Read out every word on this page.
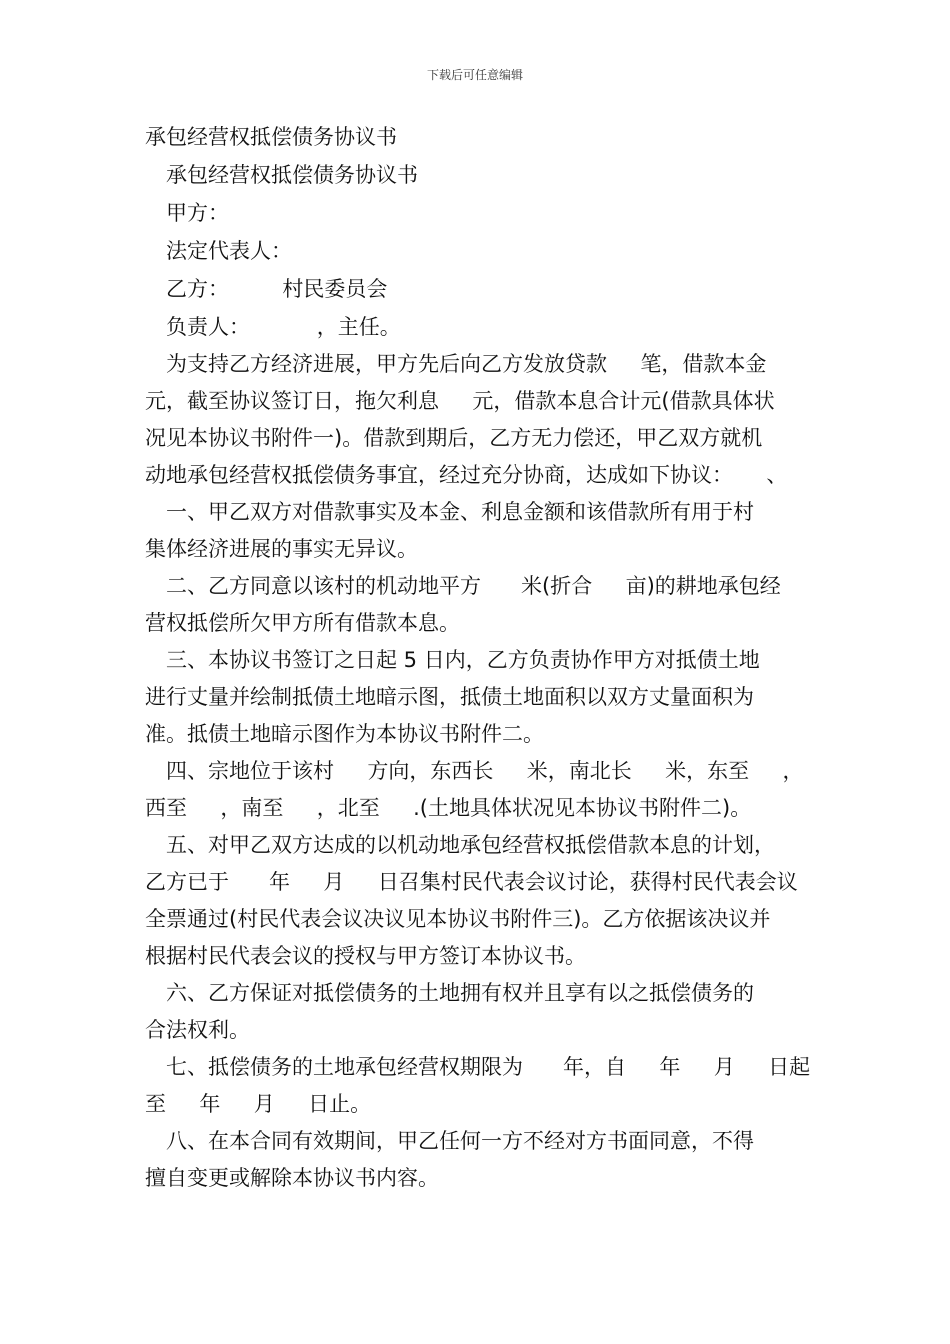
下载后可任意编辑
承包经营权抵偿债务协议书
承包经营权抵偿债务协议书
甲方：
法定代表人：
乙方：        村民委员会
负责人：          ，主任。

为支持乙方经济进展，甲方先后向乙方发放贷款     笔，借款本金

元，截至协议签订日，拖欠利息     元，借款本息合计元(借款具体状

况见本协议书附件一)。借款到期后，乙方无力偿还，甲乙双方就机

动地承包经营权抵偿债务事宜，经过充分协商，达成如下协议：     、

一、甲乙双方对借款事实及本金、利息金额和该借款所有用于村

集体经济进展的事实无异议。

二、乙方同意以该村的机动地平方      米(折合     亩)的耕地承包经

营权抵偿所欠甲方所有借款本息。

三、本协议书签订之日起 5 日内，乙方负责协作甲方对抵债土地

进行丈量并绘制抵债土地暗示图，抵债土地面积以双方丈量面积为

准。抵债土地暗示图作为本协议书附件二。

四、宗地位于该村     方向，东西长     米，南北长     米，东至     ，

西至     ，南至     ，北至     .(土地具体状况见本协议书附件二)。

五、对甲乙双方达成的以机动地承包经营权抵偿借款本息的计划，

乙方已于      年     月     日召集村民代表会议讨论，获得村民代表会议

全票通过(村民代表会议决议见本协议书附件三)。乙方依据该决议并

根据村民代表会议的授权与甲方签订本协议书。

六、乙方保证对抵偿债务的土地拥有权并且享有以之抵偿债务的

合法权利。

七、抵偿债务的土地承包经营权期限为      年，自     年     月     日起

至     年     月     日止。

八、在本合同有效期间，甲乙任何一方不经对方书面同意，不得

擅自变更或解除本协议书内容。
